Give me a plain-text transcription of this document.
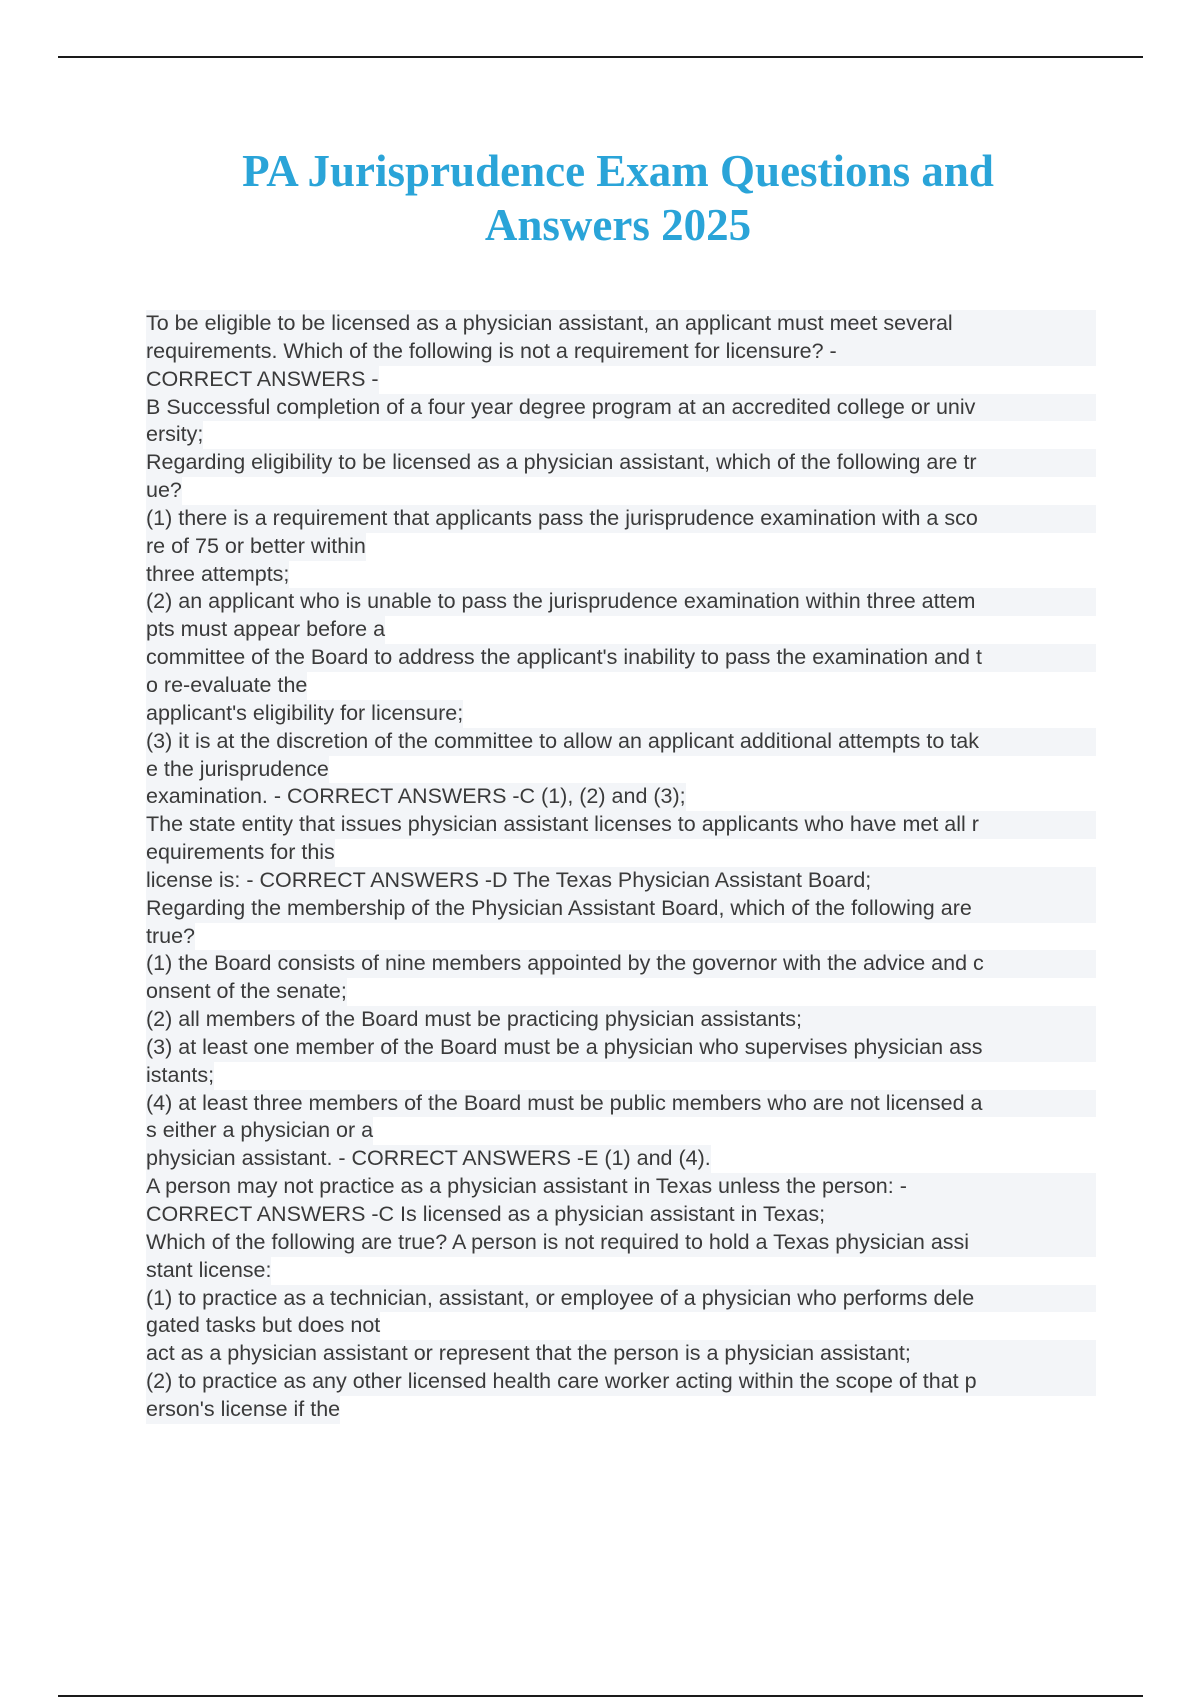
PA Jurisprudence Exam Questions and
Answers 2025
To be eligible to be licensed as a physician assistant, an applicant must meet several
requirements. Which of the following is not a requirement for licensure? -
CORRECT ANSWERS -

B Successful completion of a four year degree program at an accredited college or univ
ersity;

Regarding eligibility to be licensed as a physician assistant, which of the following are tr
ue?

(1) there is a requirement that applicants pass the jurisprudence examination with a sco
re of 75 or better within
three attempts;

(2) an applicant who is unable to pass the jurisprudence examination within three attem
pts must appear before a

committee of the Board to address the applicant's inability to pass the examination and t
o re-evaluate the
applicant's eligibility for licensure;

(3) it is at the discretion of the committee to allow an applicant additional attempts to tak
e the jurisprudence
examination. - CORRECT ANSWERS -C (1), (2) and (3);

The state entity that issues physician assistant licenses to applicants who have met all r
equirements for this

license is: - CORRECT ANSWERS -D The Texas Physician Assistant Board;
Regarding the membership of the Physician Assistant Board, which of the following are
true?

(1) the Board consists of nine members appointed by the governor with the advice and c
onsent of the senate;

(2) all members of the Board must be practicing physician assistants;
(3) at least one member of the Board must be a physician who supervises physician ass
istants;

(4) at least three members of the Board must be public members who are not licensed a
s either a physician or a
physician assistant. - CORRECT ANSWERS -E (1) and (4).

A person may not practice as a physician assistant in Texas unless the person: -
CORRECT ANSWERS -C Is licensed as a physician assistant in Texas;
Which of the following are true? A person is not required to hold a Texas physician assi
stant license:

(1) to practice as a technician, assistant, or employee of a physician who performs dele
gated tasks but does not

act as a physician assistant or represent that the person is a physician assistant;
(2) to practice as any other licensed health care worker acting within the scope of that p
erson's license if the
